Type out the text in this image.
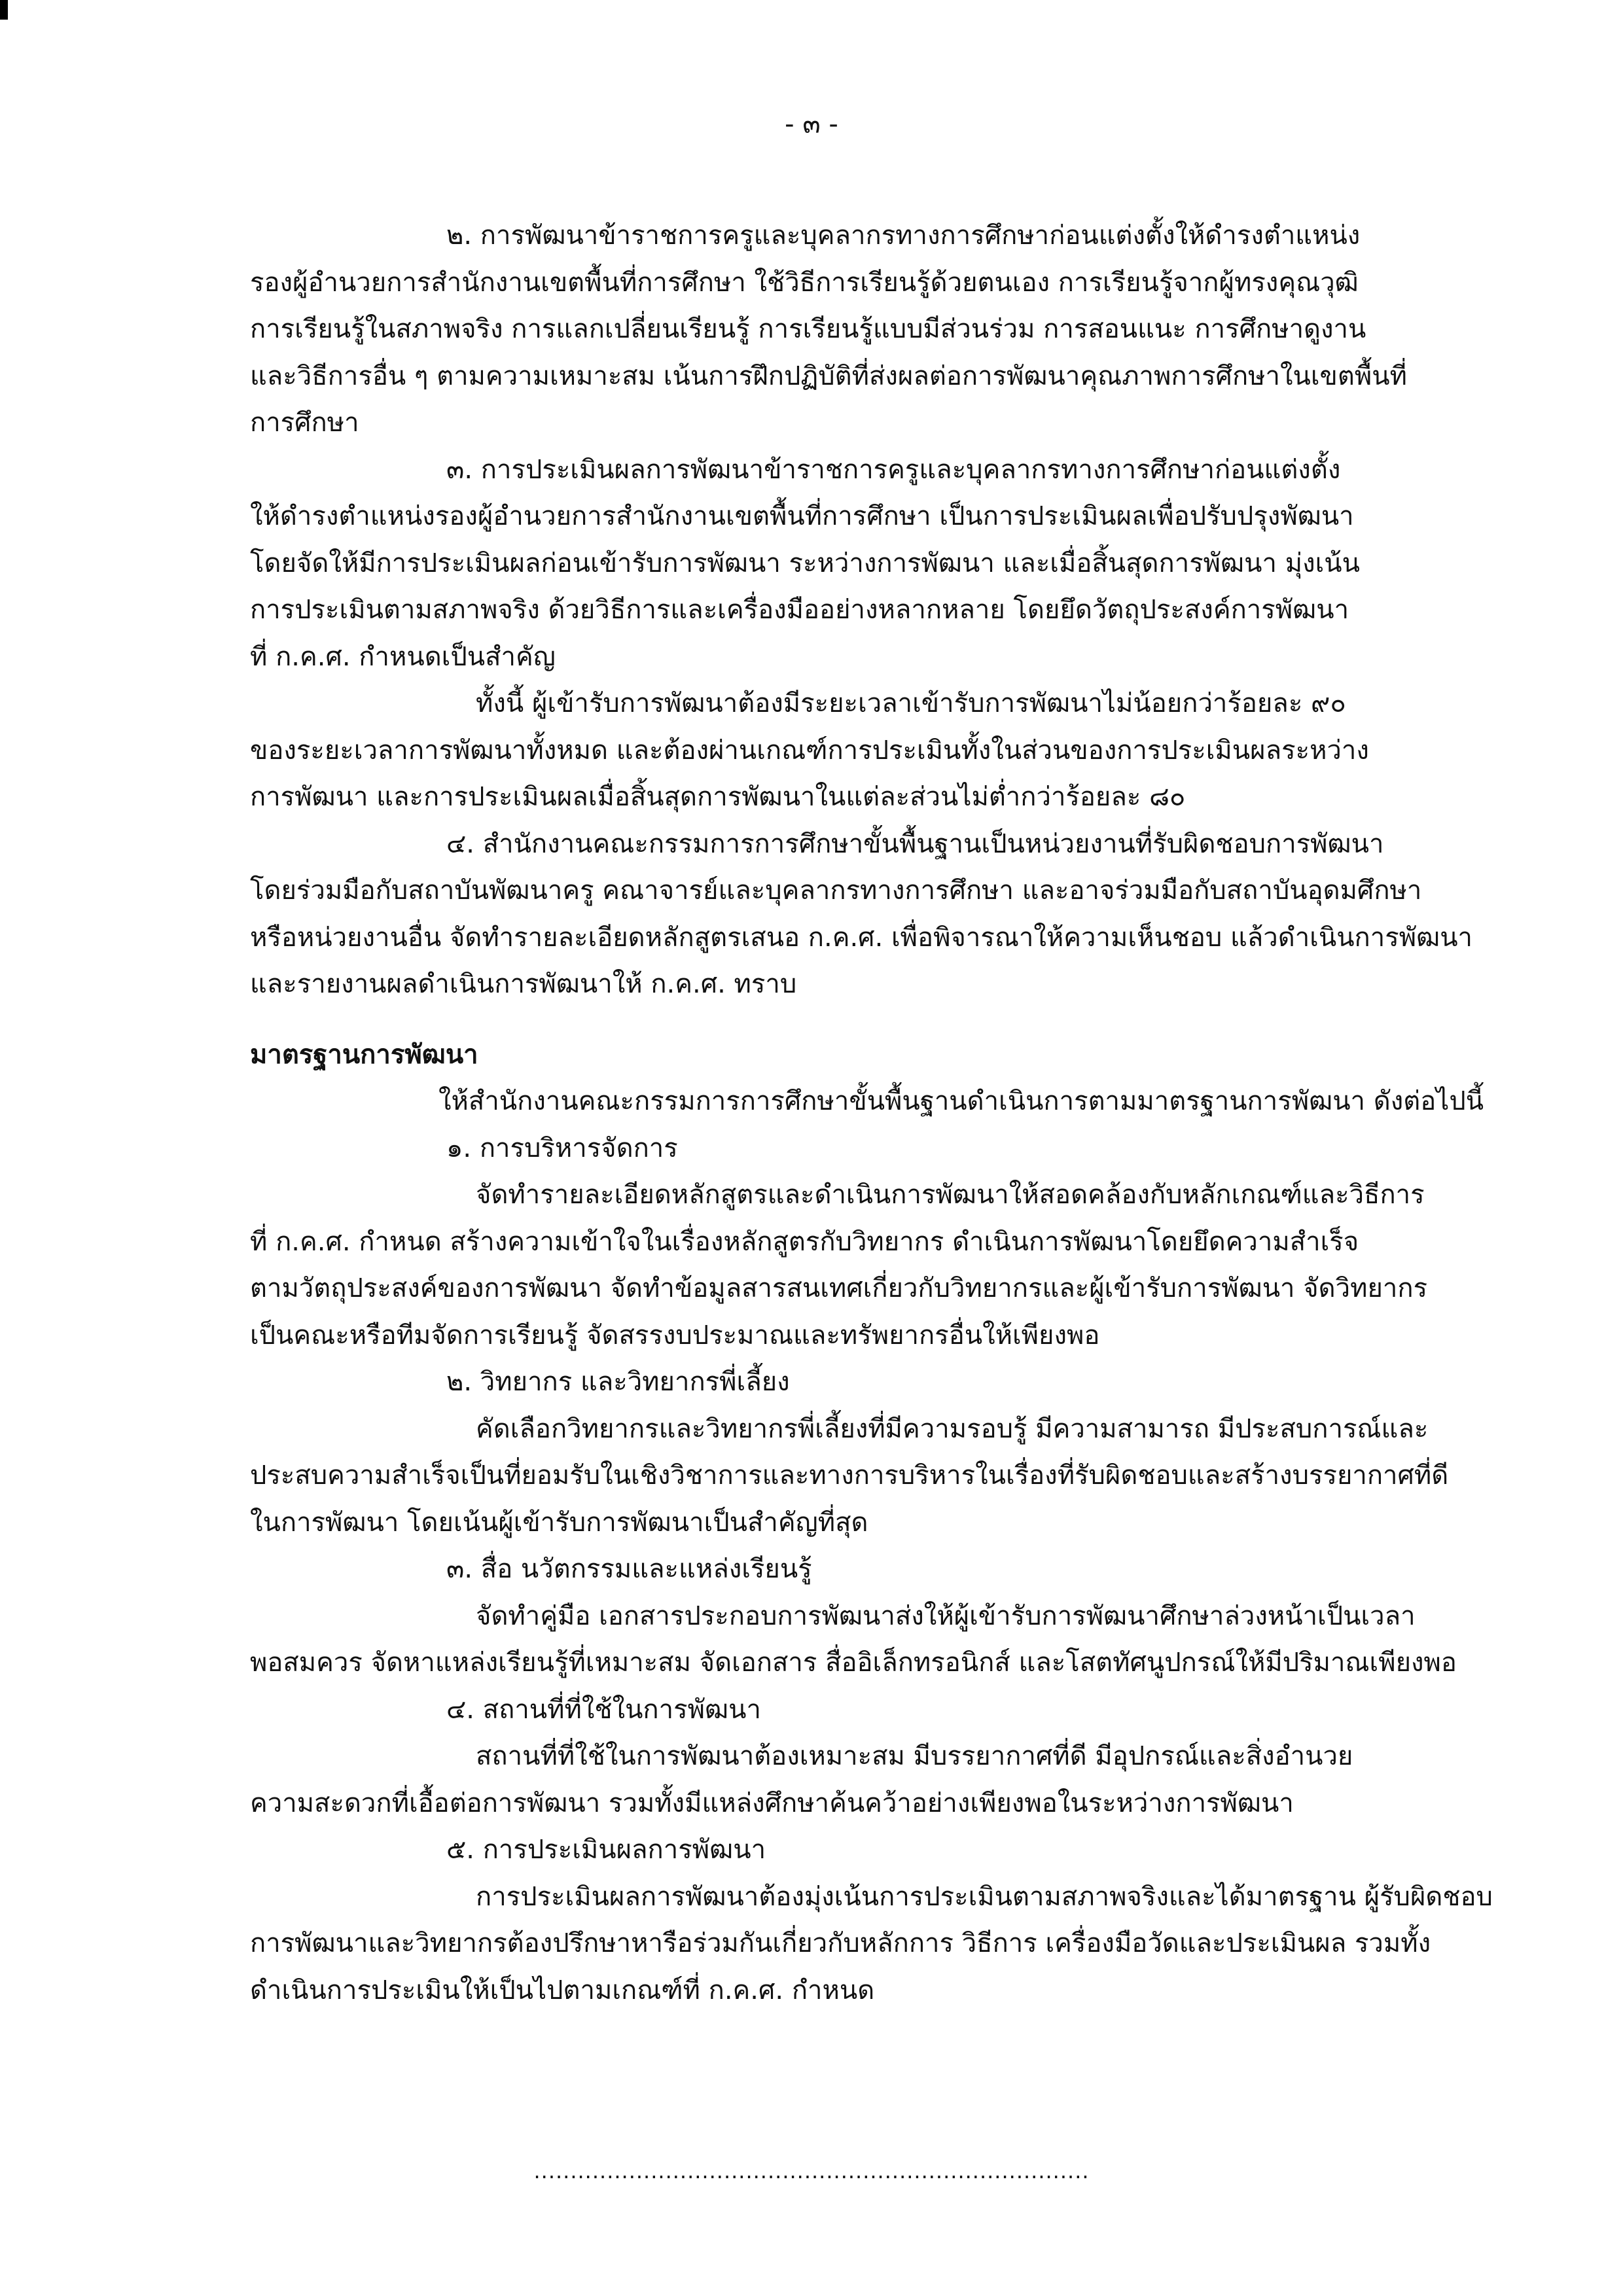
- ๓ -
๒. การพัฒนาข้าราชการครูและบุคลากรทางการศึกษาก่อนแต่งตั้งให้ดำรงตำแหน่ง
รองผู้อำนวยการสำนักงานเขตพื้นที่การศึกษา ใช้วิธีการเรียนรู้ด้วยตนเอง การเรียนรู้จากผู้ทรงคุณวุฒิ
การเรียนรู้ในสภาพจริง การแลกเปลี่ยนเรียนรู้ การเรียนรู้แบบมีส่วนร่วม การสอนแนะ การศึกษาดูงาน
และวิธีการอื่น ๆ ตามความเหมาะสม เน้นการฝึกปฏิบัติที่ส่งผลต่อการพัฒนาคุณภาพการศึกษาในเขตพื้นที่
การศึกษา
๓. การประเมินผลการพัฒนาข้าราชการครูและบุคลากรทางการศึกษาก่อนแต่งตั้ง
ให้ดำรงตำแหน่งรองผู้อำนวยการสำนักงานเขตพื้นที่การศึกษา เป็นการประเมินผลเพื่อปรับปรุงพัฒนา
โดยจัดให้มีการประเมินผลก่อนเข้ารับการพัฒนา ระหว่างการพัฒนา และเมื่อสิ้นสุดการพัฒนา มุ่งเน้น
การประเมินตามสภาพจริง ด้วยวิธีการและเครื่องมืออย่างหลากหลาย โดยยึดวัตถุประสงค์การพัฒนา
ที่ ก.ค.ศ. กำหนดเป็นสำคัญ
ทั้งนี้ ผู้เข้ารับการพัฒนาต้องมีระยะเวลาเข้ารับการพัฒนาไม่น้อยกว่าร้อยละ ๙๐
ของระยะเวลาการพัฒนาทั้งหมด และต้องผ่านเกณฑ์การประเมินทั้งในส่วนของการประเมินผลระหว่าง
การพัฒนา และการประเมินผลเมื่อสิ้นสุดการพัฒนาในแต่ละส่วนไม่ต่ำกว่าร้อยละ ๘๐
๔. สำนักงานคณะกรรมการการศึกษาขั้นพื้นฐานเป็นหน่วยงานที่รับผิดชอบการพัฒนา
โดยร่วมมือกับสถาบันพัฒนาครู คณาจารย์และบุคลากรทางการศึกษา และอาจร่วมมือกับสถาบันอุดมศึกษา
หรือหน่วยงานอื่น จัดทำรายละเอียดหลักสูตรเสนอ ก.ค.ศ. เพื่อพิจารณาให้ความเห็นชอบ แล้วดำเนินการพัฒนา
และรายงานผลดำเนินการพัฒนาให้ ก.ค.ศ. ทราบ
มาตรฐานการพัฒนา
ให้สำนักงานคณะกรรมการการศึกษาขั้นพื้นฐานดำเนินการตามมาตรฐานการพัฒนา ดังต่อไปนี้
๑. การบริหารจัดการ
จัดทำรายละเอียดหลักสูตรและดำเนินการพัฒนาให้สอดคล้องกับหลักเกณฑ์และวิธีการ
ที่ ก.ค.ศ. กำหนด สร้างความเข้าใจในเรื่องหลักสูตรกับวิทยากร ดำเนินการพัฒนาโดยยึดความสำเร็จ
ตามวัตถุประสงค์ของการพัฒนา จัดทำข้อมูลสารสนเทศเกี่ยวกับวิทยากรและผู้เข้ารับการพัฒนา จัดวิทยากร
เป็นคณะหรือทีมจัดการเรียนรู้ จัดสรรงบประมาณและทรัพยากรอื่นให้เพียงพอ
๒. วิทยากร และวิทยากรพี่เลี้ยง
คัดเลือกวิทยากรและวิทยากรพี่เลี้ยงที่มีความรอบรู้ มีความสามารถ มีประสบการณ์และ
ประสบความสำเร็จเป็นที่ยอมรับในเชิงวิชาการและทางการบริหารในเรื่องที่รับผิดชอบและสร้างบรรยากาศที่ดี
ในการพัฒนา โดยเน้นผู้เข้ารับการพัฒนาเป็นสำคัญที่สุด
๓. สื่อ นวัตกรรมและแหล่งเรียนรู้
จัดทำคู่มือ เอกสารประกอบการพัฒนาส่งให้ผู้เข้ารับการพัฒนาศึกษาล่วงหน้าเป็นเวลา
พอสมควร จัดหาแหล่งเรียนรู้ที่เหมาะสม จัดเอกสาร สื่ออิเล็กทรอนิกส์ และโสตทัศนูปกรณ์ให้มีปริมาณเพียงพอ
๔. สถานที่ที่ใช้ในการพัฒนา
สถานที่ที่ใช้ในการพัฒนาต้องเหมาะสม มีบรรยากาศที่ดี มีอุปกรณ์และสิ่งอำนวย
ความสะดวกที่เอื้อต่อการพัฒนา รวมทั้งมีแหล่งศึกษาค้นคว้าอย่างเพียงพอในระหว่างการพัฒนา
๕. การประเมินผลการพัฒนา
การประเมินผลการพัฒนาต้องมุ่งเน้นการประเมินตามสภาพจริงและได้มาตรฐาน ผู้รับผิดชอบ
การพัฒนาและวิทยากรต้องปรึกษาหารือร่วมกันเกี่ยวกับหลักการ วิธีการ เครื่องมือวัดและประเมินผล รวมทั้ง
ดำเนินการประเมินให้เป็นไปตามเกณฑ์ที่ ก.ค.ศ. กำหนด
............................................................................
